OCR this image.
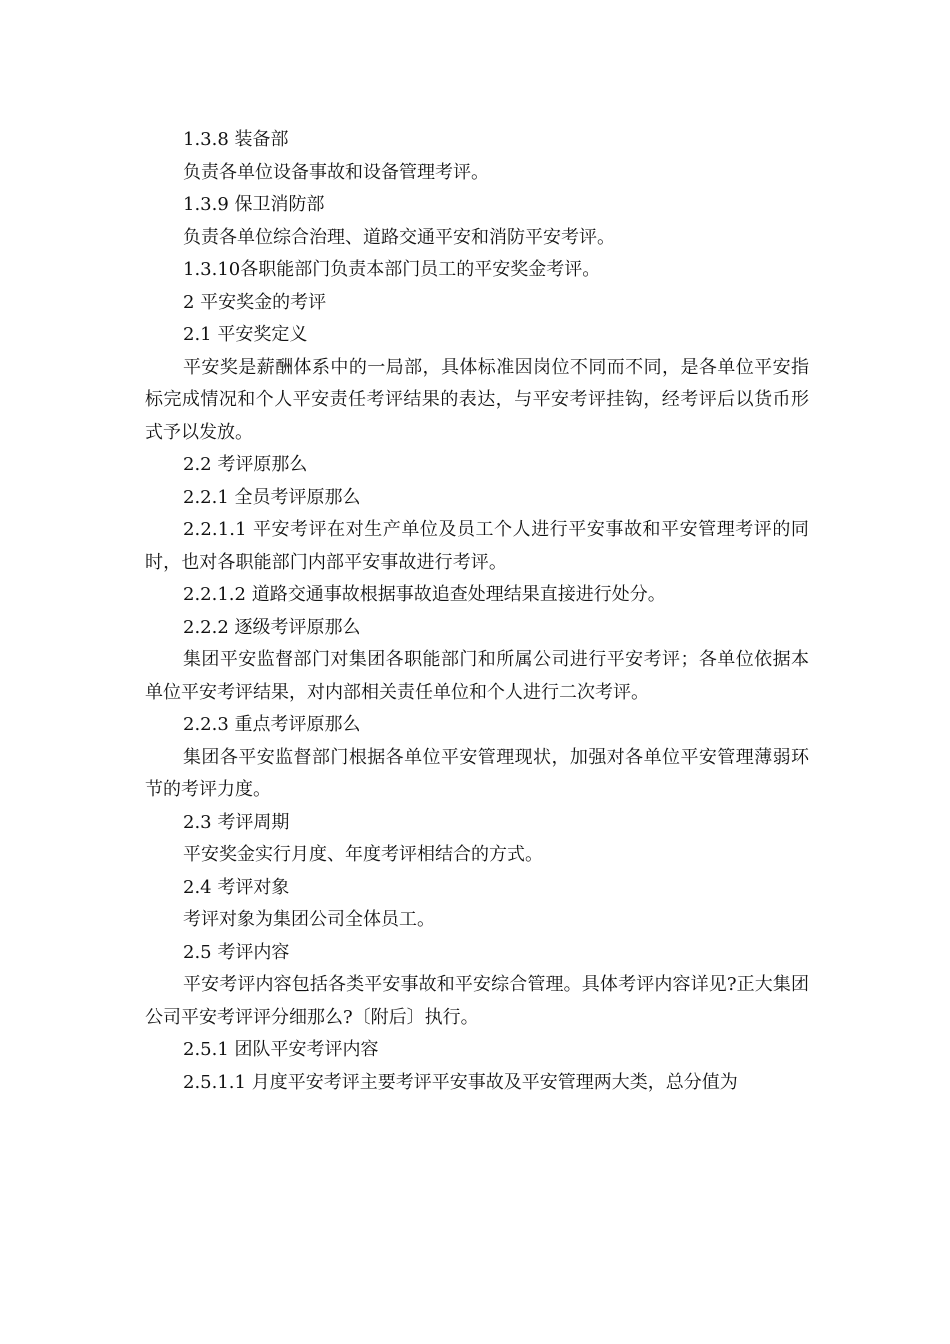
1.3.8 装备部

负责各单位设备事故和设备管理考评。

1.3.9 保卫消防部

负责各单位综合治理、道路交通平安和消防平安考评。

1.3.10各职能部门负责本部门员工的平安奖金考评。

2 平安奖金的考评

2.1 平安奖定义

平安奖是薪酬体系中的一局部，具体标准因岗位不同而不同，是各单位平安指标完成情况和个人平安责任考评结果的表达，与平安考评挂钩，经考评后以货币形式予以发放。

2.2 考评原那么

2.2.1 全员考评原那么

2.2.1.1 平安考评在对生产单位及员工个人进行平安事故和平安管理考评的同时，也对各职能部门内部平安事故进行考评。

2.2.1.2 道路交通事故根据事故追查处理结果直接进行处分。

2.2.2 逐级考评原那么

集团平安监督部门对集团各职能部门和所属公司进行平安考评；各单位依据本单位平安考评结果，对内部相关责任单位和个人进行二次考评。

2.2.3 重点考评原那么

集团各平安监督部门根据各单位平安管理现状，加强对各单位平安管理薄弱环节的考评力度。

2.3 考评周期

平安奖金实行月度、年度考评相结合的方式。

2.4 考评对象

考评对象为集团公司全体员工。

2.5 考评内容

平安考评内容包括各类平安事故和平安综合管理。具体考评内容详见?正大集团公司平安考评评分细那么?〔附后〕执行。

2.5.1 团队平安考评内容

2.5.1.1 月度平安考评主要考评平安事故及平安管理两大类，总分值为
